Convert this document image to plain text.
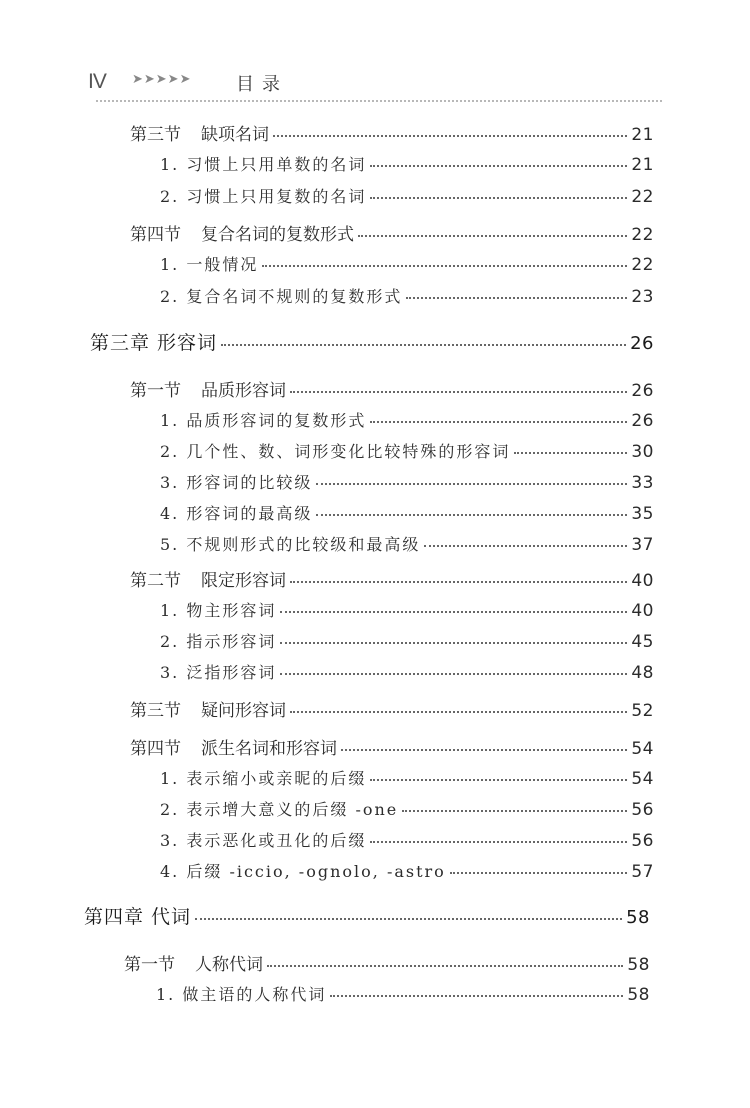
IV ➤➤➤➤➤ 目录
第三节 缺项名词	21
1. 习惯上只用单数的名词	21
2. 习惯上只用复数的名词	22
第四节 复合名词的复数形式	22
1. 一般情况	22
2. 复合名词不规则的复数形式	23
第三章 形容词	26
第一节 品质形容词	26
1. 品质形容词的复数形式	26
2. 几个性、数、词形变化比较特殊的形容词	30
3. 形容词的比较级	33
4. 形容词的最高级	35
5. 不规则形式的比较级和最高级	37
第二节 限定形容词	40
1. 物主形容词	40
2. 指示形容词	45
3. 泛指形容词	48
第三节 疑问形容词	52
第四节 派生名词和形容词	54
1. 表示缩小或亲昵的后缀	54
2. 表示增大意义的后缀 -one	56
3. 表示恶化或丑化的后缀	56
4. 后缀 -iccio, -ognolo, -astro	57
第四章 代词	58
第一节 人称代词	58
1. 做主语的人称代词	58
